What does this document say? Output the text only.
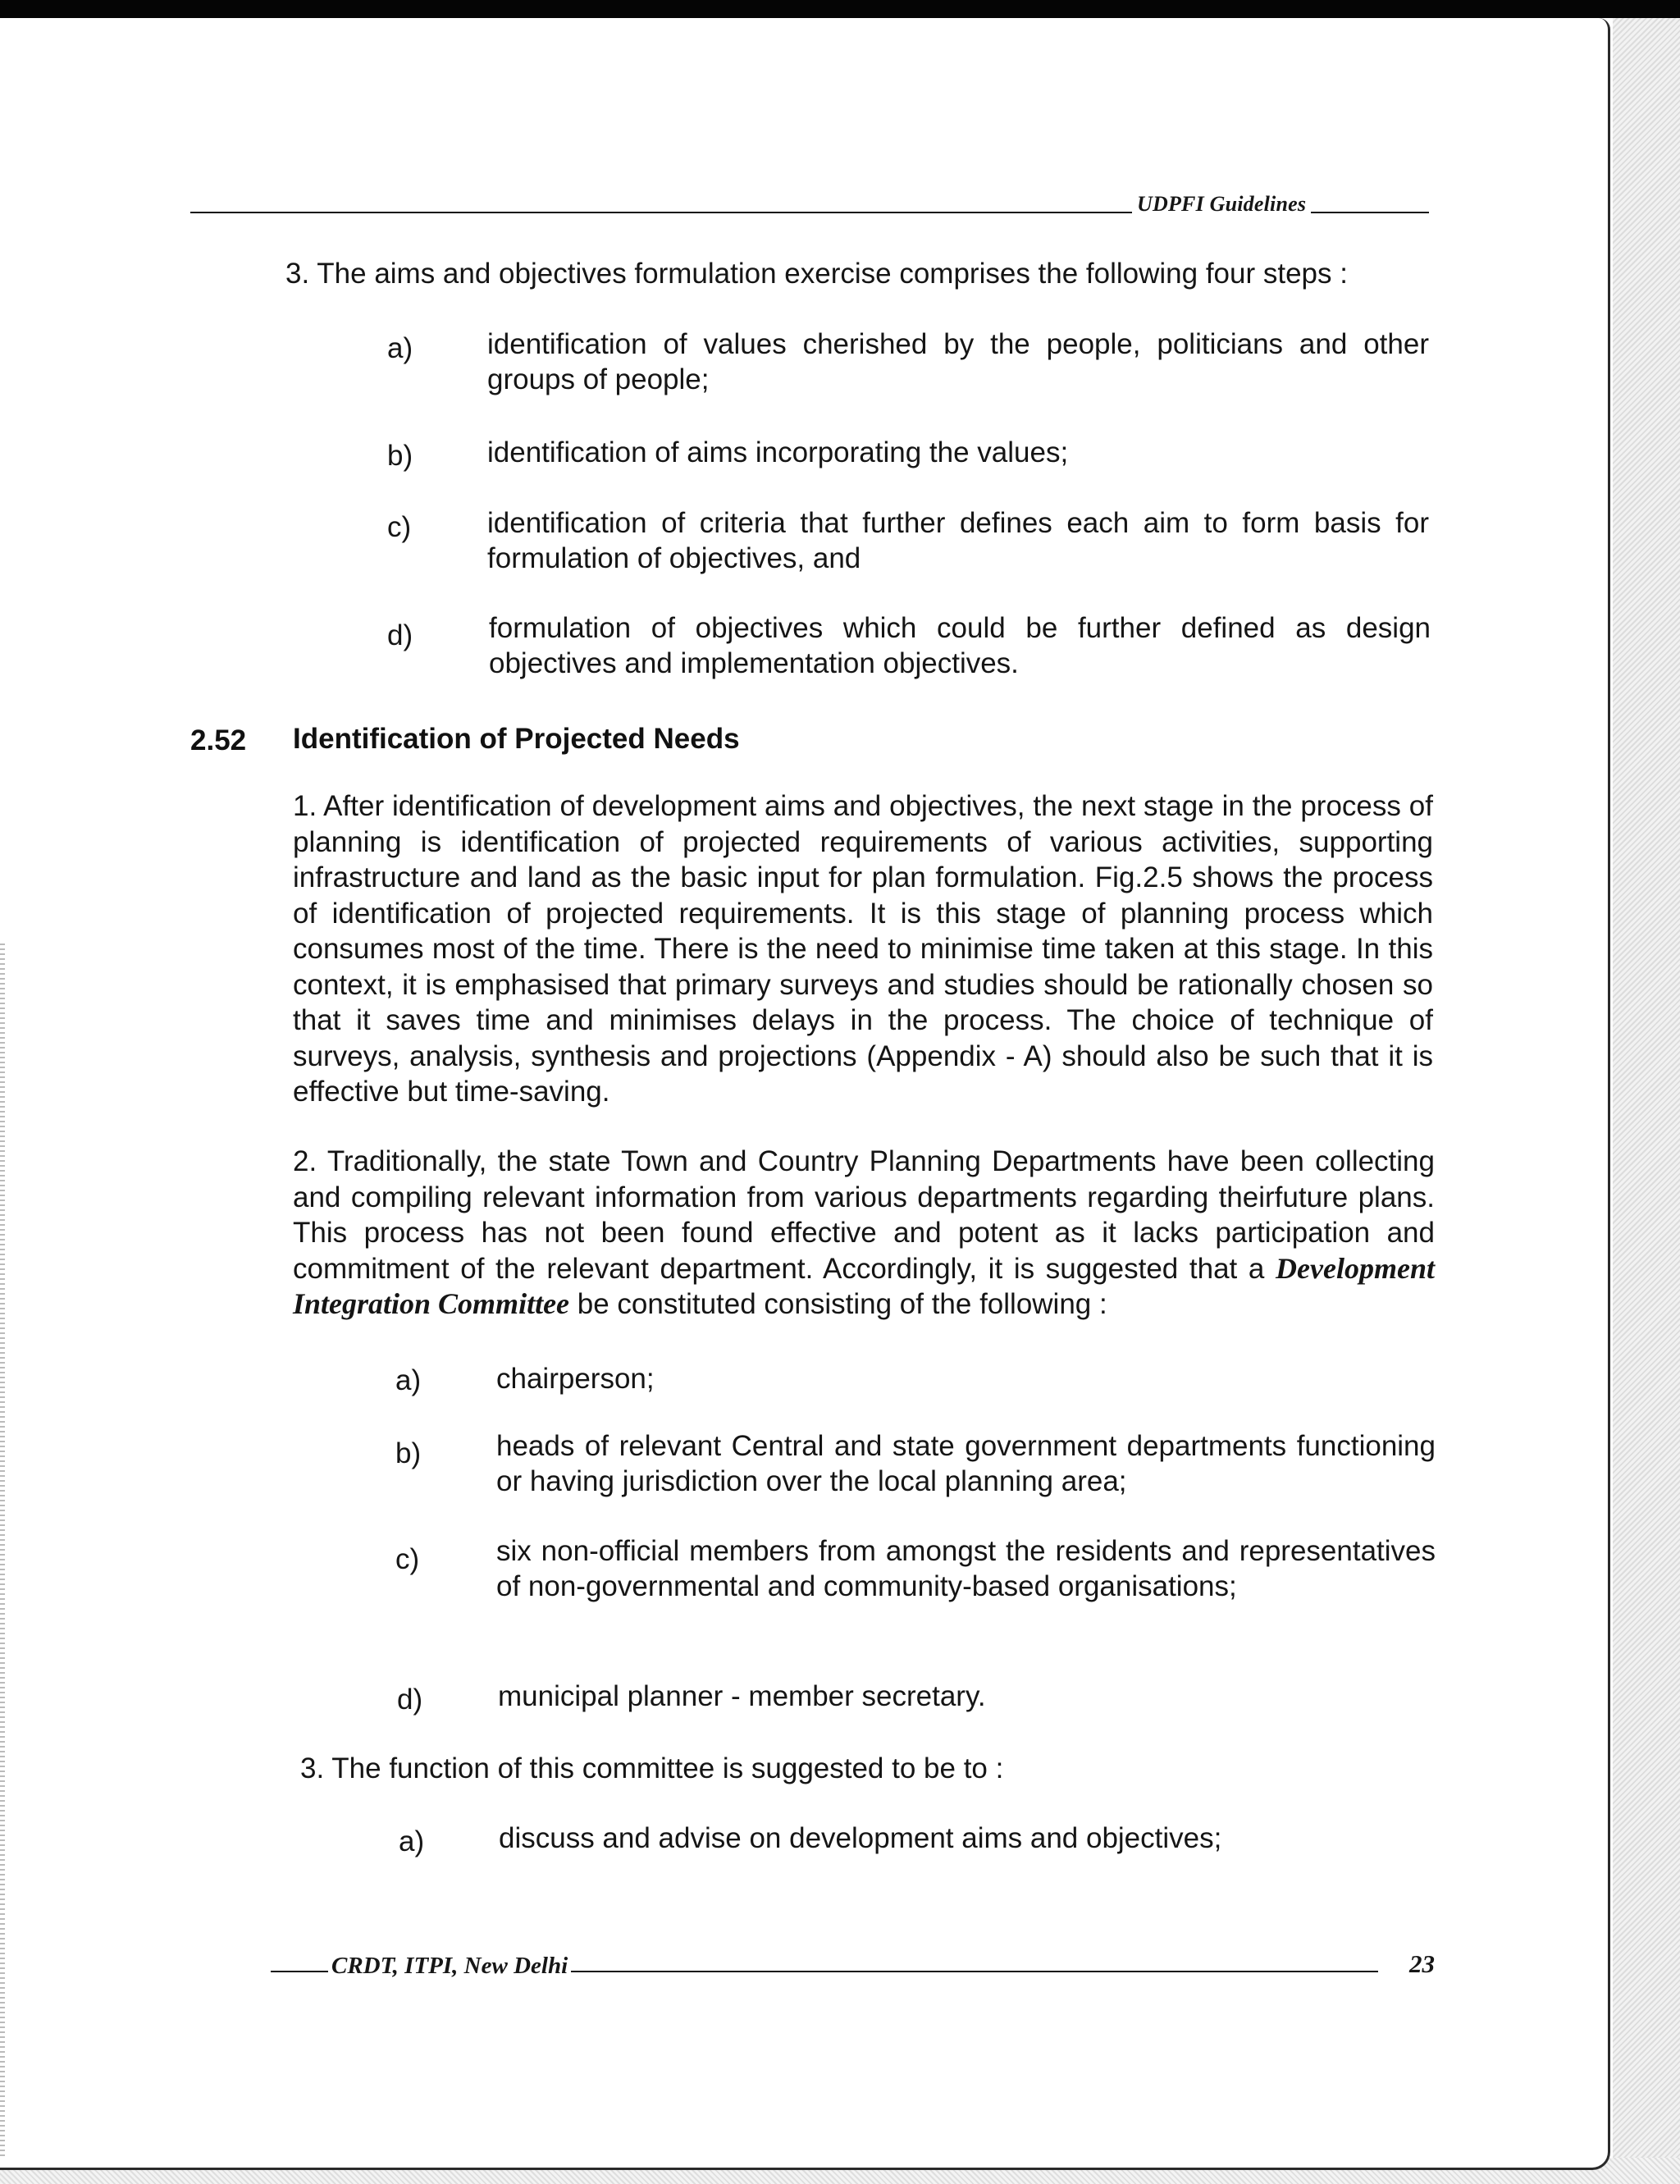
UDPFI Guidelines
3. The aims and objectives formulation exercise comprises the following four steps :
a)	identification of values cherished by the people, politicians and other groups of people;
b)	identification of aims incorporating the values;
c)	identification of criteria that further defines each aim to form basis for formulation of objectives, and
d)	formulation of objectives which could be further defined as design objectives and implementation objectives.
2.52 Identification of Projected Needs
1. After identification of development aims and objectives, the next stage in the process of planning is identification of projected requirements of various activities, supporting infrastructure and land as the basic input for plan formulation. Fig.2.5 shows the process of identification of projected requirements. It is this stage of planning process which consumes most of the time. There is the need to minimise time taken at this stage. In this context, it is emphasised that primary surveys and studies should be rationally chosen so that it saves time and minimises delays in the process. The choice of technique of surveys, analysis, synthesis and projections (Appendix - A) should also be such that it is effective but time-saving.
2. Traditionally, the state Town and Country Planning Departments have been collecting and compiling relevant information from various departments regarding theirfuture plans. This process has not been found effective and potent as it lacks participation and commitment of the relevant department. Accordingly, it is suggested that a Development Integration Committee be constituted consisting of the following :
a)	chairperson;
b)	heads of relevant Central and state government departments functioning or having jurisdiction over the local planning area;
c)	six non-official members from amongst the residents and representatives of non-governmental and community-based organisations;
d)	municipal planner - member secretary.
3. The function of this committee is suggested to be to :
a)	discuss and advise on development aims and objectives;
CRDT, ITPI, New Delhi	23
